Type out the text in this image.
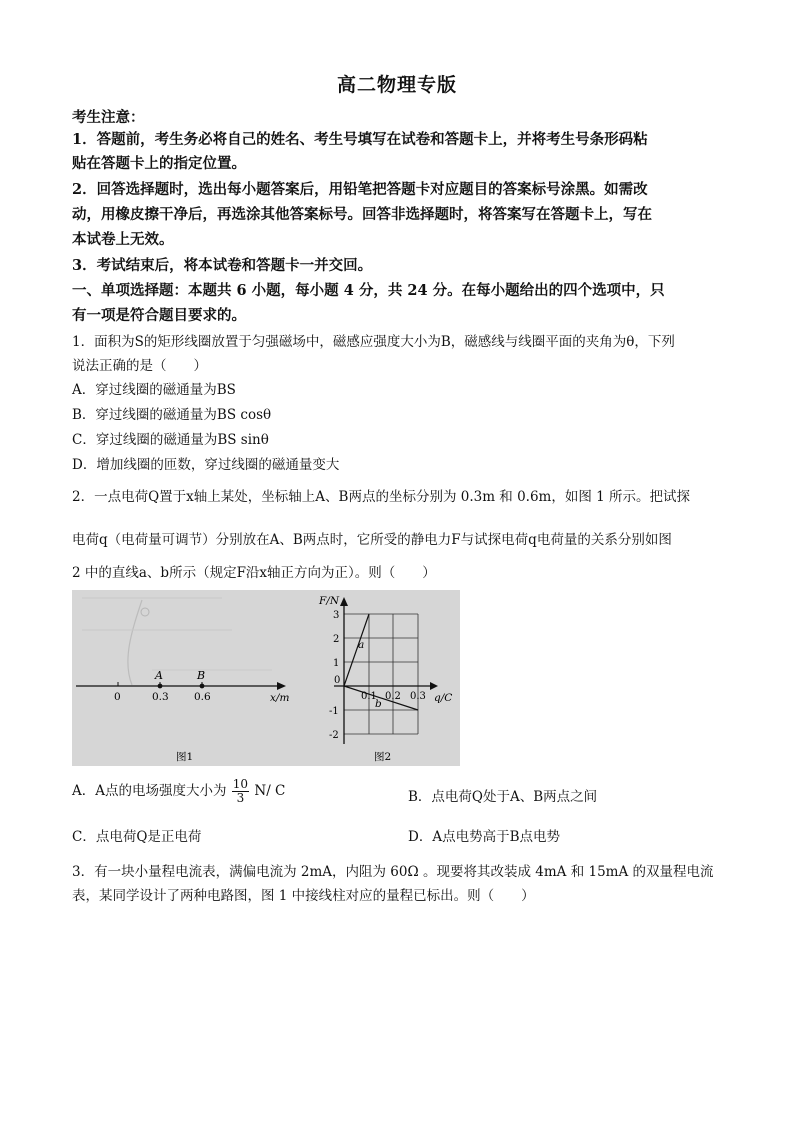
高二物理专版
考生注意：
1．答题前，考生务必将自己的姓名、考生号填写在试卷和答题卡上，并将考生号条形码粘
贴在答题卡上的指定位置。
2．回答选择题时，选出每小题答案后，用铅笔把答题卡对应题目的答案标号涂黑。如需改
动，用橡皮擦干净后，再选涂其他答案标号。回答非选择题时，将答案写在答题卡上，写在
本试卷上无效。
3．考试结束后，将本试卷和答题卡一并交回。
一、单项选择题：本题共 6 小题，每小题 4 分，共 24 分。在每小题给出的四个选项中，只
有一项是符合题目要求的。
1．面积为S的矩形线圈放置于匀强磁场中，磁感应强度大小为B，磁感线与线圈平面的夹角为θ，下列
说法正确的是（　　）
A．穿过线圈的磁通量为BS
B．穿过线圈的磁通量为BS cosθ
C．穿过线圈的磁通量为BS sinθ
D．增加线圈的匝数，穿过线圈的磁通量变大
2．一点电荷Q置于x轴上某处，坐标轴上A、B两点的坐标分别为 0.3m 和 0.6m，如图 1 所示。把试探
电荷q（电荷量可调节）分别放在A、B两点时，它所受的静电力F与试探电荷q电荷量的关系分别如图
2 中的直线a、b所示（规定F沿x轴正方向为正）。则（　　）
A	B
0	0.3 0.6	x/m
图1
a
b
F/N
q/C
3
2
1
-1
-2
0
0.1 0.2 0.3
图2
A．A点的电场强度大小为 $\frac{10}{3} N/$ C	B．点电荷Q处于A、B两点之间
C．点电荷Q是正电荷	D．A点电势高于B点电势
3．有一块小量程电流表，满偏电流为 2mA，内阻为 60Ω 。现要将其改装成 4mA 和 15mA 的双量程电流
表，某同学设计了两种电路图，图 1 中接线柱对应的量程已标出。则（　　）
